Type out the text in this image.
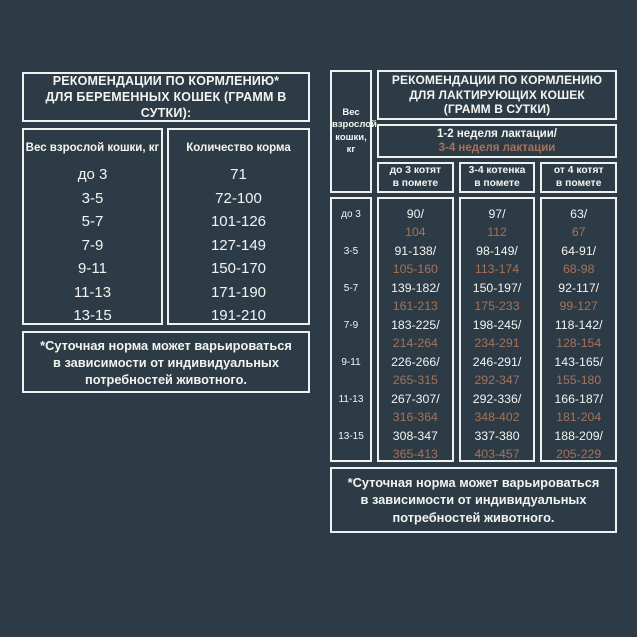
РЕКОМЕНДАЦИИ ПО КОРМЛЕНИЮ*
ДЛЯ БЕРЕМЕННЫХ КОШЕК (ГРАММ В СУТКИ):
Вес взрослой кошки, кг
до 3
3-5
5-7
7-9
9-11
11-13
13-15
Количество корма
71
72-100
101-126
127-149
150-170
171-190
191-210
*Суточная норма может варьироваться
в зависимости от индивидуальных
потребностей животного.
Вес
взрослой
кошки,
кг
РЕКОМЕНДАЦИИ ПО КОРМЛЕНИЮ
ДЛЯ ЛАКТИРУЮЩИХ КОШЕК
(ГРАММ В СУТКИ)
1-2 неделя лактации/
3-4 неделя лактации
до 3 котят
в помете
3-4 котенка
в помете
от 4 котят
в помете
до 3
3-5
5-7
7-9
9-11
11-13
13-15
90/
104
91-138/
105-160
139-182/
161-213
183-225/
214-264
226-266/
265-315
267-307/
316-364
308-347
365-413
97/
112
98-149/
113-174
150-197/
175-233
198-245/
234-291
246-291/
292-347
292-336/
348-402
337-380
403-457
63/
67
64-91/
68-98
92-117/
99-127
118-142/
128-154
143-165/
155-180
166-187/
181-204
188-209/
205-229
*Суточная норма может варьироваться
в зависимости от индивидуальных
потребностей животного.
